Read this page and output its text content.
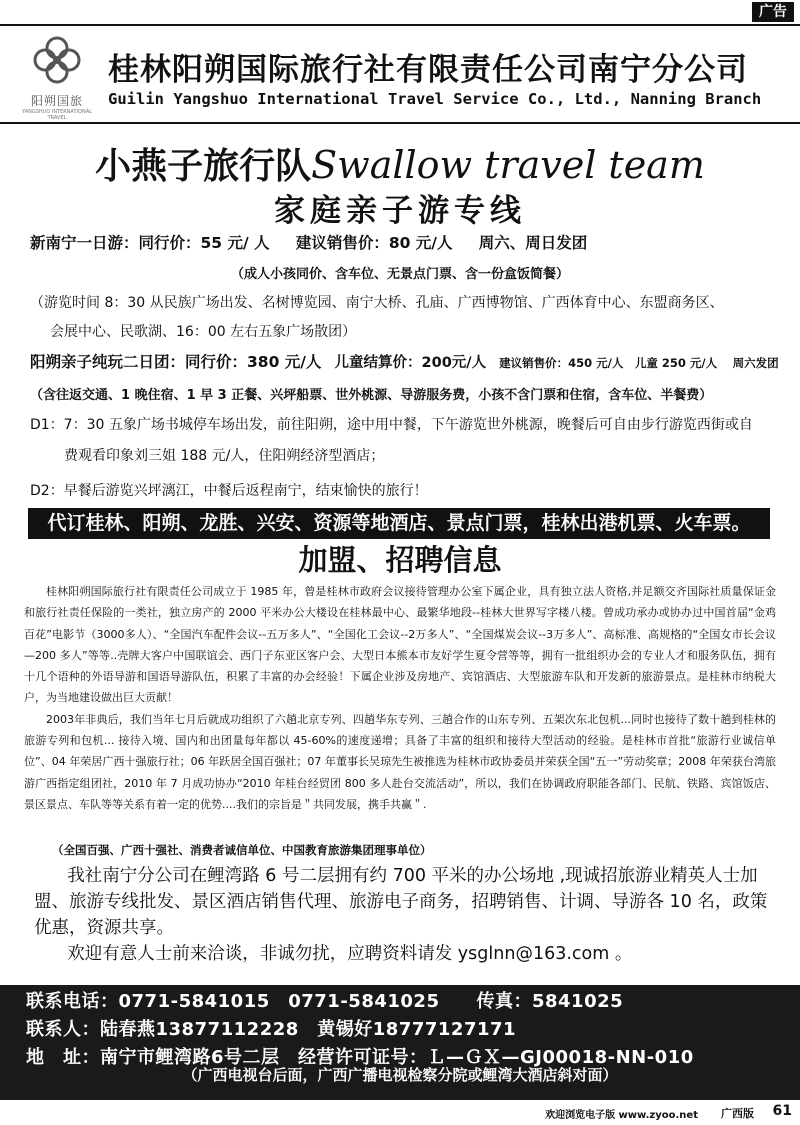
广告
阳朔国旅
YANGSHUO INTERNATIONAL TRAVEL
桂林阳朔国际旅行社有限责任公司南宁分公司
Guilin Yangshuo International Travel Service Co., Ltd., Nanning Branch
小燕子旅行队Swallow travel team
家庭亲子游专线
新南宁一日游：同行价：55 元/ 人 　 建议销售价：80 元/人 　 周六、周日发团
（成人小孩同价、含车位、无景点门票、含一份盒饭简餐）
（游览时间 8：30 从民族广场出发、名树博览园、南宁大桥、孔庙、广西博物馆、广西体育中心、东盟商务区、
会展中心、民歌湖、16：00 左右五象广场散团）
阳朔亲子纯玩二日团：同行价：380 元/人 儿童结算价：200元/人 建议销售价：450 元/人　儿童 250 元/人　 周六发团
（含往返交通、1 晚住宿、1 早 3 正餐、兴坪船票、世外桃源、导游服务费，小孩不含门票和住宿，含车位、半餐费）
D1：7：30 五象广场书城停车场出发，前往阳朔，途中用中餐，下午游览世外桃源，晚餐后可自由步行游览西街或自
费观看印象刘三姐 188 元/人，住阳朔经济型酒店；
D2：早餐后游览兴坪漓江，中餐后返程南宁，结束愉快的旅行！
代订桂林、阳朔、龙胜、兴安、资源等地酒店、景点门票，桂林出港机票、火车票。
加盟、招聘信息

桂林阳朔国际旅行社有限责任公司成立于 1985 年，曾是桂林市政府会议接待管理办公室下属企业，具有独立法人资格,并足额交齐国际社质量保证金和旅行社责任保险的一类社，独立房产的 2000 平米办公大楼设在桂林最中心、最繁华地段--桂林大世界写字楼八楼。曾成功承办或协办过中国首届“金鸡百花”电影节（3000多人）、“全国汽车配件会议--五万多人”、“全国化工会议--2万多人”、“全国煤炭会议--3万多人”、高标准、高规格的“全国女市长会议—200 多人”等等..壳牌大客户中国联谊会、西门子东亚区客户会、大型日本熊本市友好学生夏令营等等，拥有一批组织办会的专业人才和服务队伍，拥有十几个语种的外语导游和国语导游队伍，积累了丰富的办会经验！下属企业涉及房地产、宾馆酒店、大型旅游车队和开发新的旅游景点。是桂林市纳税大户，为当地建设做出巨大贡献！

2003年非典后，我们当年七月后就成功组织了六趟北京专列、四趟华东专列、三趟合作的山东专列、五架次东北包机...同时也接待了数十趟到桂林的旅游专列和包机... 接待入境、国内和出团量每年都以 45-60%的速度递增；具备了丰富的组织和接待大型活动的经验。是桂林市首批“旅游行业诚信单位”、04 年荣居广西十强旅行社；06 年跃居全国百强社；07 年董事长吴琼先生被推选为桂林市政协委员并荣获全国“五一”劳动奖章；2008 年荣获台湾旅游广西指定组团社，2010 年 7 月成功协办“2010 年桂台经贸团 800 多人赴台交流活动”，所以，我们在协调政府职能各部门、民航、铁路、宾馆饭店、景区景点、车队等等关系有着一定的优势....我们的宗旨是＂共同发展，携手共赢＂.

（全国百强、广西十强社、消费者诚信单位、中国教育旅游集团理事单位）

我社南宁分公司在鲤湾路 6 号二层拥有约 700 平米的办公场地 ,现诚招旅游业精英人士加盟、旅游专线批发、景区酒店销售代理、旅游电子商务，招聘销售、计调、导游各 10 名，政策优惠，资源共享。

欢迎有意人士前来洽谈，非诚勿扰，应聘资料请发 ysglnn@163.com 。

联系电话：0771-5841015　0771-5841025　　传真：5841025
联系人：陆春燕13877112228　黄锡好18777127171
地　址：南宁市鲤湾路6号二层　经营许可证号：Ｌ—ＧＸ—GJ00018-NN-010
（广西电视台后面，广西广播电视检察分院或鲤湾大酒店斜对面）
欢迎浏览电子版 www.zyoo.net 广西版 61
